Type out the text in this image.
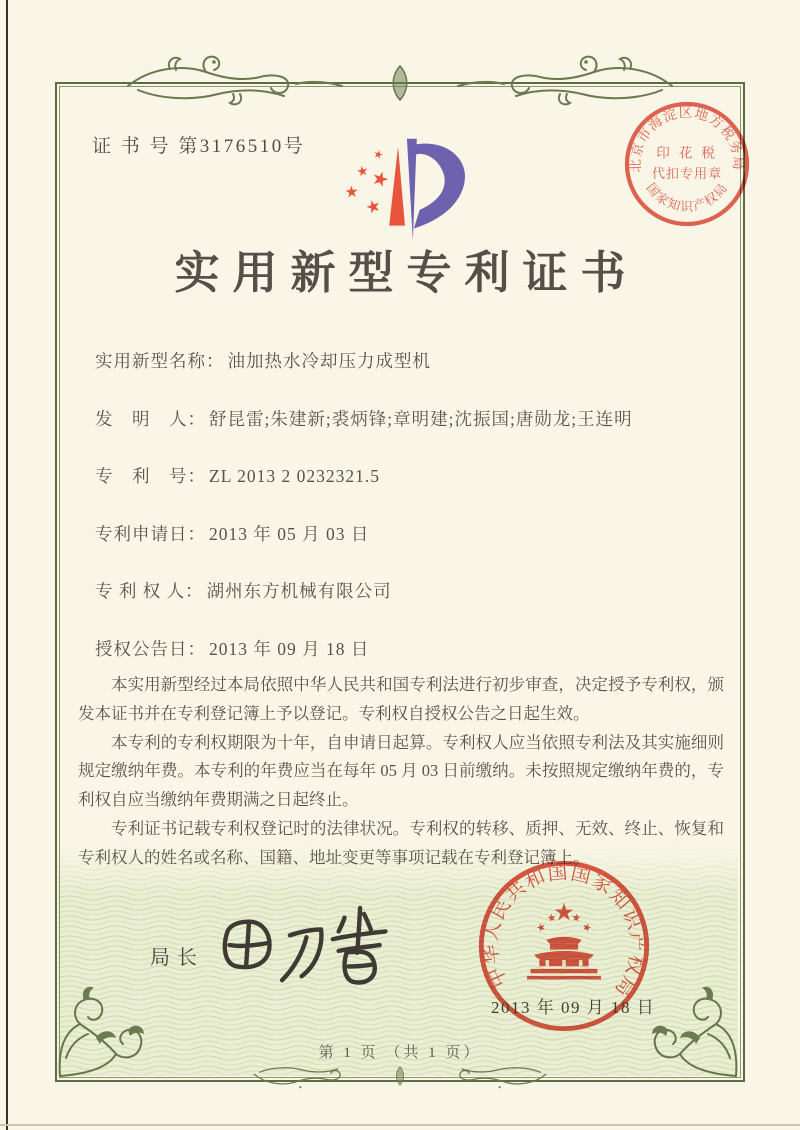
证 书 号 第3176510号
实用新型专利证书
实用新型名称： 油加热水冷却压力成型机
发　明　人： 舒昆雷;朱建新;裘炳锋;章明建;沈振国;唐勋龙;王连明
专　利　号： ZL 2013 2 0232321.5
专利申请日： 2013 年 05 月 03 日
专 利 权 人： 湖州东方机械有限公司
授权公告日： 2013 年 09 月 18 日

本实用新型经过本局依照中华人民共和国专利法进行初步审查，决定授予专利权，颁发本证书并在专利登记簿上予以登记。专利权自授权公告之日起生效。

本专利的专利权期限为十年，自申请日起算。专利权人应当依照专利法及其实施细则规定缴纳年费。本专利的年费应当在每年 05 月 03 日前缴纳。未按照规定缴纳年费的，专利权自应当缴纳年费期满之日起终止。

专利证书记载专利权登记时的法律状况。专利权的转移、质押、无效、终止、恢复和专利权人的姓名或名称、国籍、地址变更等事项记载在专利登记簿上。

局长
中华人民共和国国家知识产权局
2013 年 09 月 18 日
北京市海淀区地方税务局
国家知识产权局
印 花 税
代扣专用章
第 1 页 （共 1 页）
